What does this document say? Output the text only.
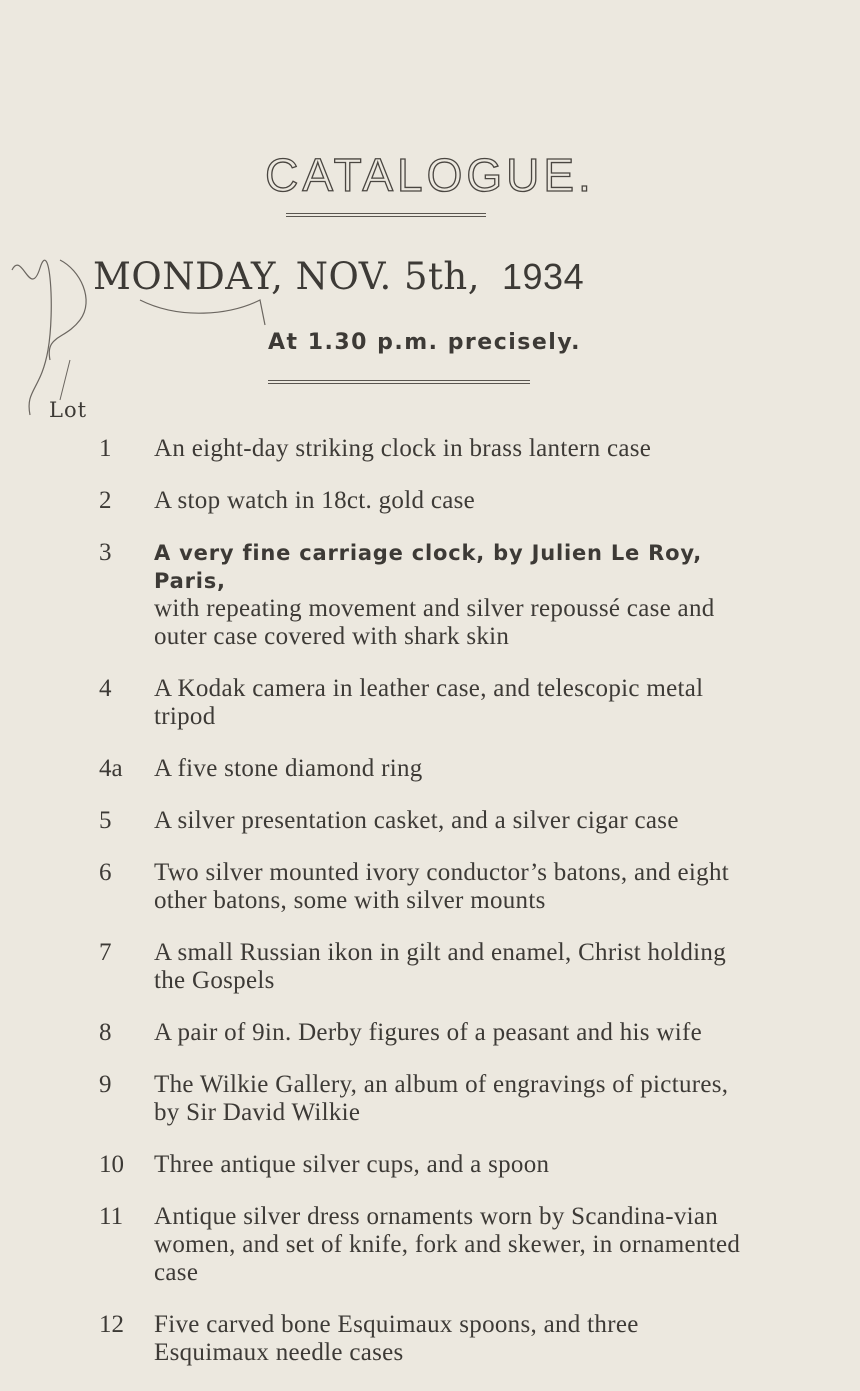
CATALOGUE.
MONDAY, NOV. 5th, 1934
At 1.30 p.m. precisely.
Lot
1	An eight-day striking clock in brass lantern case
2	A stop watch in 18ct. gold case
3	A very fine carriage clock, by Julien Le Roy, Paris,
with repeating movement and silver repoussé case and outer case covered with shark skin
4	A Kodak camera in leather case, and telescopic metal tripod
4a	A five stone diamond ring
5	A silver presentation casket, and a silver cigar case
6	Two silver mounted ivory conductor’s batons, and eight other batons, some with silver mounts
7	A small Russian ikon in gilt and enamel, Christ holding the Gospels
8	A pair of 9in. Derby figures of a peasant and his wife
9	The Wilkie Gallery, an album of engravings of pictures, by Sir David Wilkie
10	Three antique silver cups, and a spoon
11	Antique silver dress ornaments worn by Scandina-vian women, and set of knife, fork and skewer, in ornamented case
12	Five carved bone Esquimaux spoons, and three Esquimaux needle cases
